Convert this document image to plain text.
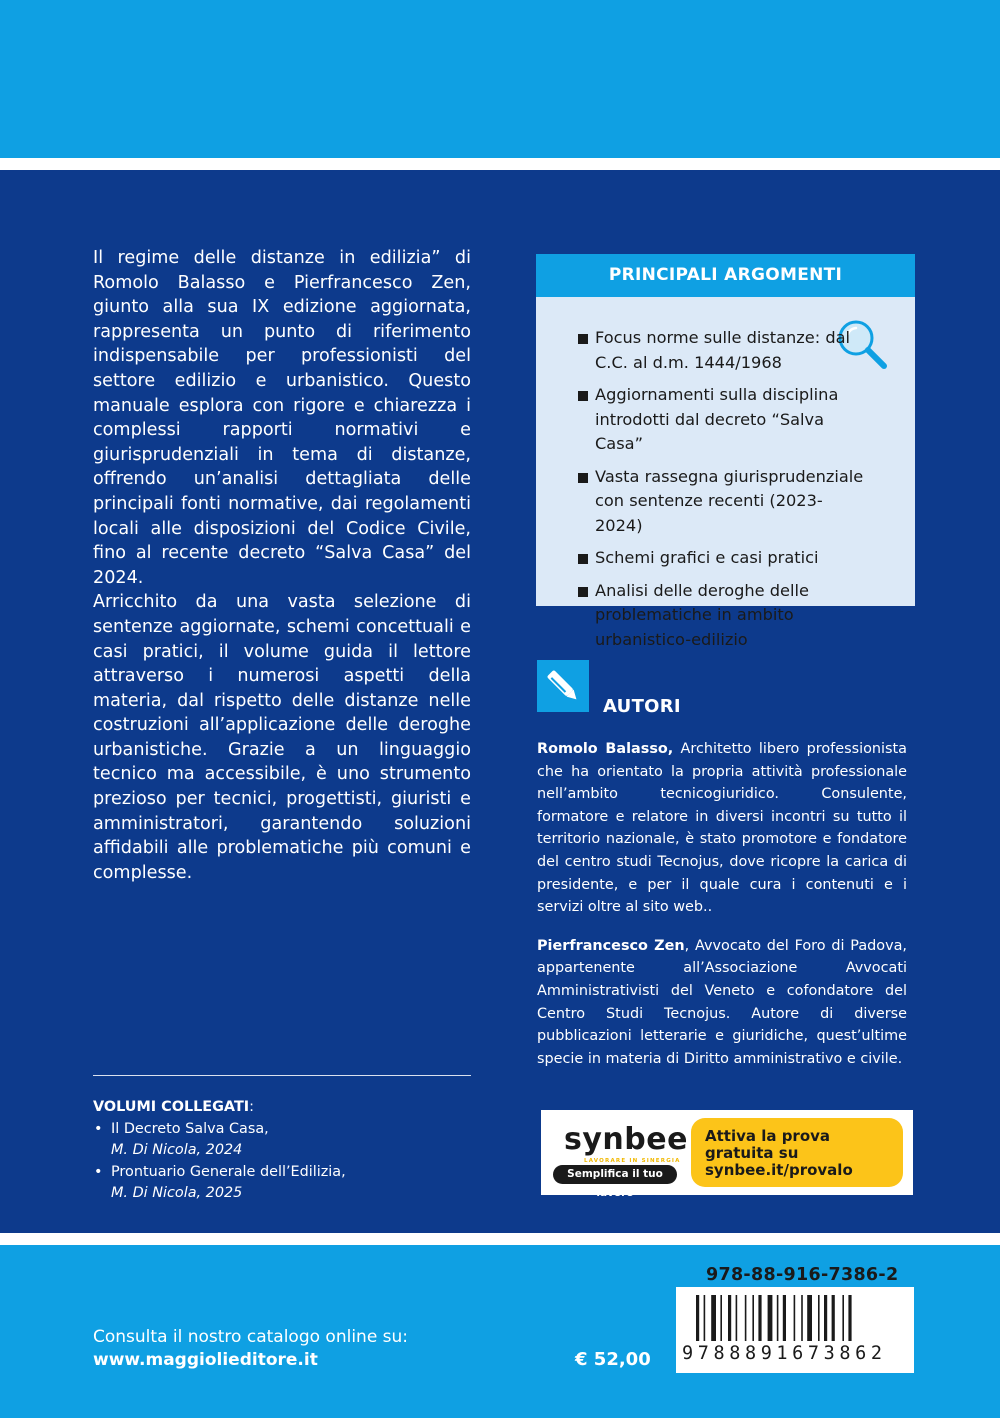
Il regime delle distanze in edilizia” di Romolo Balasso e Pierfrancesco Zen, giunto alla sua IX edizione aggiornata, rappresenta un punto di riferimento indispensabile per professionisti del settore edilizio e urbanistico. Questo manuale esplora con rigore e chiarezza i complessi rapporti normativi e giurisprudenziali in tema di distanze, offrendo un’analisi dettagliata delle principali fonti normative, dai regolamenti locali alle disposizioni del Codice Civile, fino al recente decreto “Salva Casa” del 2024.

Arricchito da una vasta selezione di sentenze aggiornate, schemi concettuali e casi pratici, il volume guida il lettore attraverso i numerosi aspetti della materia, dal rispetto delle distanze nelle costruzioni all’applicazione delle deroghe urbanistiche. Grazie a un linguaggio tecnico ma accessibile, è uno strumento prezioso per tecnici, progettisti, giuristi e amministratori, garantendo soluzioni affidabili alle problematiche più comuni e complesse.

PRINCIPALI ARGOMENTI
Focus norme sulle distanze: dal C.C. al d.m. 1444/1968
Aggiornamenti sulla disciplina introdotti dal decreto “Salva Casa”
Vasta rassegna giurisprudenziale con sentenze recenti (2023-2024)
Schemi grafici e casi pratici
Analisi delle deroghe delle problematiche in ambito urbanistico-edilizio
AUTORI

Romolo Balasso, Architetto libero professionista che ha orientato la propria attività professionale nell’ambito tecnicogiuridico. Consulente, formatore e relatore in diversi incontri su tutto il territorio nazionale, è stato promotore e fondatore del centro studi Tecnojus, dove ricopre la carica di presidente, e per il quale cura i contenuti e i servizi oltre al sito web..

Pierfrancesco Zen, Avvocato del Foro di Padova, appartenente all’Associazione Avvocati Amministrativisti del Veneto e cofondatore del Centro Studi Tecnojus. Autore di diverse pubblicazioni letterarie e giuridiche, quest’ultime specie in materia di Diritto amministrativo e civile.

VOLUMI COLLEGATI:
• Il Decreto Salva Casa,
M. Di Nicola, 2024
• Prontuario Generale dell’Edilizia,
M. Di Nicola, 2025
synbee
LAVORARE IN SINERGIA
Semplifica il tuo lavoro
Attiva la prova
gratuita su
synbee.it/provalo
978-88-916-7386-2
9788891673862
Consulta il nostro catalogo online su:
www.maggiolieditore.it	€ 52,00
